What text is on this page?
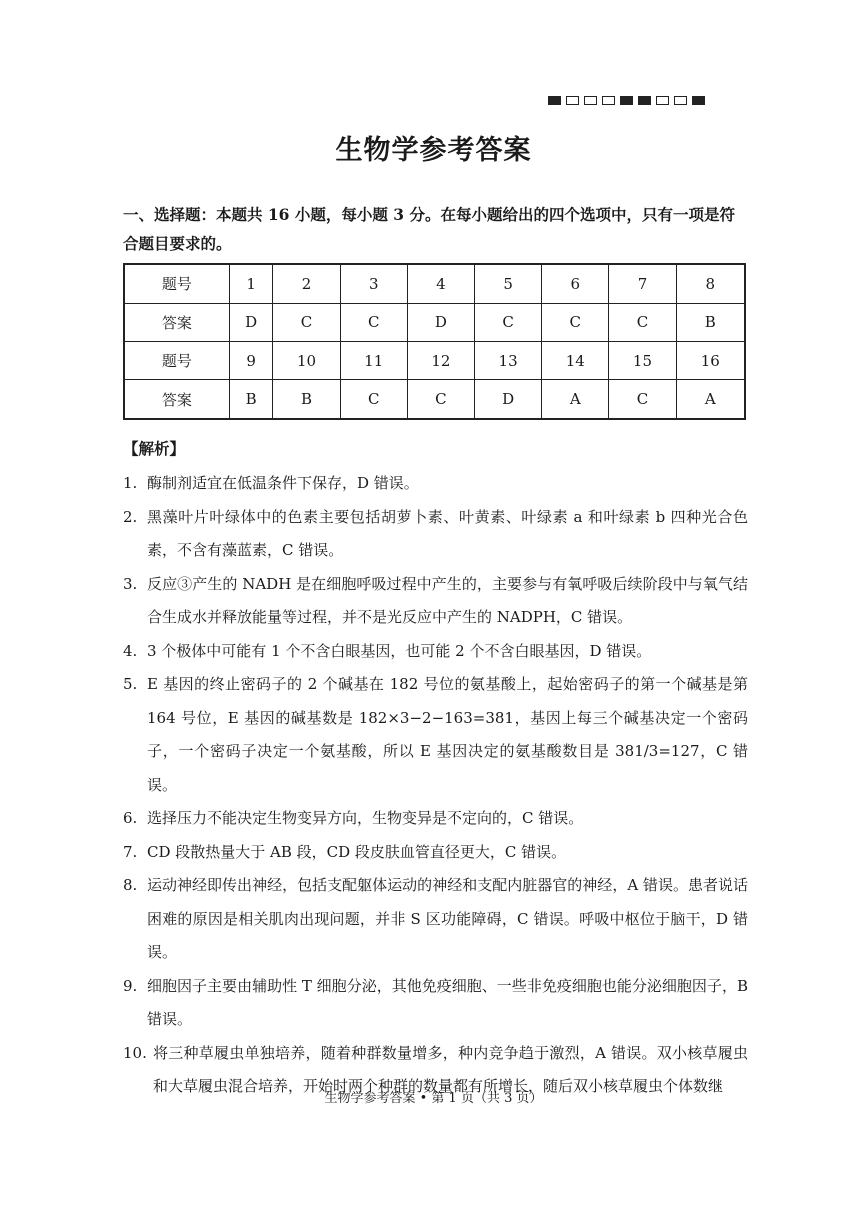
生物学参考答案
一、选择题：本题共 16 小题，每小题 3 分。在每小题给出的四个选项中，只有一项是符合题目要求的。
题号	1	2	3	4	5	6	7	8
答案	D	C	C	D	C	C	C	B
题号	9	10	11	12	13	14	15	16
答案	B	B	C	C	D	A	C	A
【解析】
1. 酶制剂适宜在低温条件下保存，D 错误。
2. 黑藻叶片叶绿体中的色素主要包括胡萝卜素、叶黄素、叶绿素 a 和叶绿素 b 四种光合色素，不含有藻蓝素，C 错误。
3. 反应③产生的 NADH 是在细胞呼吸过程中产生的，主要参与有氧呼吸后续阶段中与氧气结合生成水并释放能量等过程，并不是光反应中产生的 NADPH，C 错误。
4. 3 个极体中可能有 1 个不含白眼基因，也可能 2 个不含白眼基因，D 错误。
5. E 基因的终止密码子的 2 个碱基在 182 号位的氨基酸上，起始密码子的第一个碱基是第 164 号位，E 基因的碱基数是 182×3−2−163=381，基因上每三个碱基决定一个密码子，一个密码子决定一个氨基酸，所以 E 基因决定的氨基酸数目是 381/3=127，C 错误。
6. 选择压力不能决定生物变异方向，生物变异是不定向的，C 错误。
7. CD 段散热量大于 AB 段，CD 段皮肤血管直径更大，C 错误。
8. 运动神经即传出神经，包括支配躯体运动的神经和支配内脏器官的神经，A 错误。患者说话困难的原因是相关肌肉出现问题，并非 S 区功能障碍，C 错误。呼吸中枢位于脑干，D 错误。
9. 细胞因子主要由辅助性 T 细胞分泌，其他免疫细胞、一些非免疫细胞也能分泌细胞因子，B 错误。
10. 将三种草履虫单独培养，随着种群数量增多，种内竞争趋于激烈，A 错误。双小核草履虫和大草履虫混合培养，开始时两个种群的数量都有所增长，随后双小核草履虫个体数继
生物学参考答案 • 第 1 页（共 3 页）
